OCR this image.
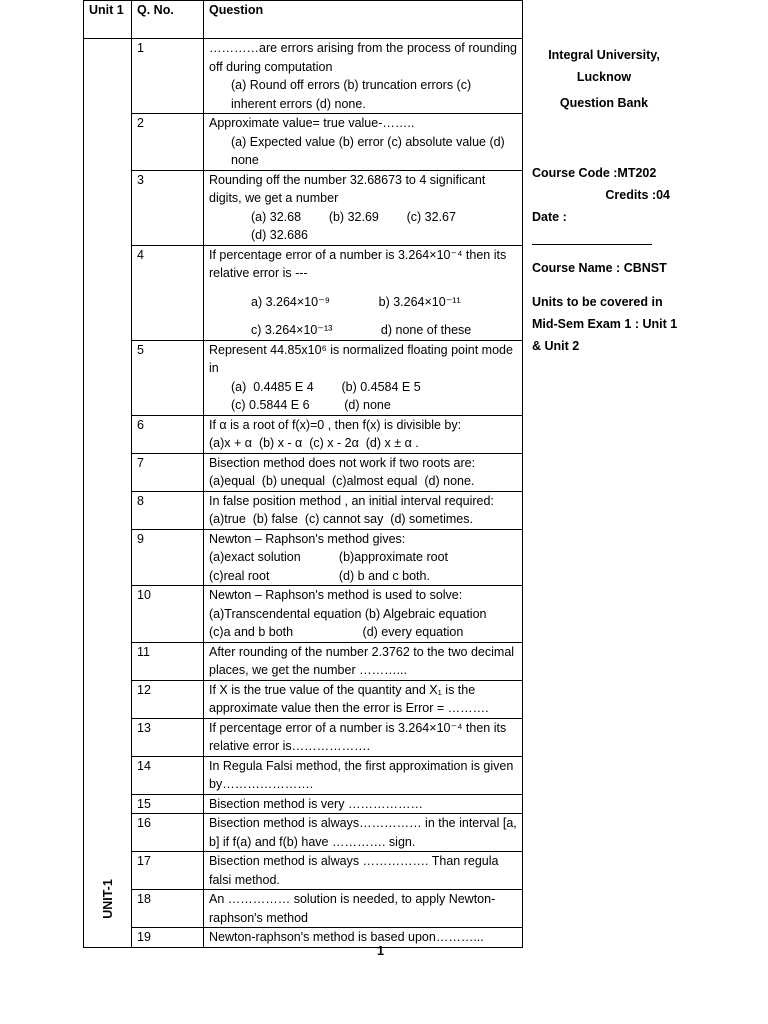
Unit 1	Q. No.	Question

UNIT-1	1	…………are errors arising from the process of rounding off during computation
(a) Round off errors (b) truncation errors (c) inherent errors (d) none.

	2	Approximate value= true value-……..
(a) Expected value (b) error (c) absolute value (d) none

	3	Rounding off the number 32.68673 to 4 significant digits, we get a number
(a) 32.68        (b) 32.69        (c) 32.67
(d) 32.686

	4	If percentage error of a number is 3.264×10⁻⁴ then its relative error is ---
a) 3.264×10⁻⁹              b) 3.264×10⁻¹¹
c) 3.264×10⁻¹³              d) none of these

	5	Represent 44.85x10⁶ is normalized floating point mode in
(a)  0.4485 E 4        (b) 0.4584 E 5
(c) 0.5844 E 6          (d) none

	6	If α is a root of f(x)=0 , then f(x) is divisible by:
(a)x + α  (b) x - α  (c) x - 2α  (d) x ± α .

	7	Bisection method does not work if two roots are:
(a)equal  (b) unequal  (c)almost equal  (d) none.

	8	In false position method , an initial interval required:
(a)true  (b) false  (c) cannot say  (d) sometimes.

	9	Newton – Raphson's method gives:
(a)exact solution           (b)approximate root
(c)real root                    (d) b and c both.

	10	Newton – Raphson's method is used to solve:
(a)Transcendental equation (b) Algebraic equation
(c)a and b both                    (d) every equation

	11	After rounding of the number 2.3762 to the two decimal places, we get the number ………...

	12	If X is the true value of the quantity and X₁ is the approximate value then the error is Error = ……….

	13	If percentage error of a number is 3.264×10⁻⁴ then its relative error is……………….

	14	In Regula Falsi method, the first approximation is given by………………….

	15	Bisection method is very ………………

	16	Bisection method is always…………… in the interval [a, b] if f(a) and f(b) have …………. sign.

	17	Bisection method is always ……………. Than regula falsi method.

	18	An …………… solution is needed, to apply Newton-raphson's method

	19	Newton-raphson's method is based upon………...
Integral University, Lucknow
Question Bank
Course Code :MT202
Credits :04
Date :
Course Name : CBNST
Units to be covered in Mid-Sem Exam 1 : Unit 1 & Unit 2
1
